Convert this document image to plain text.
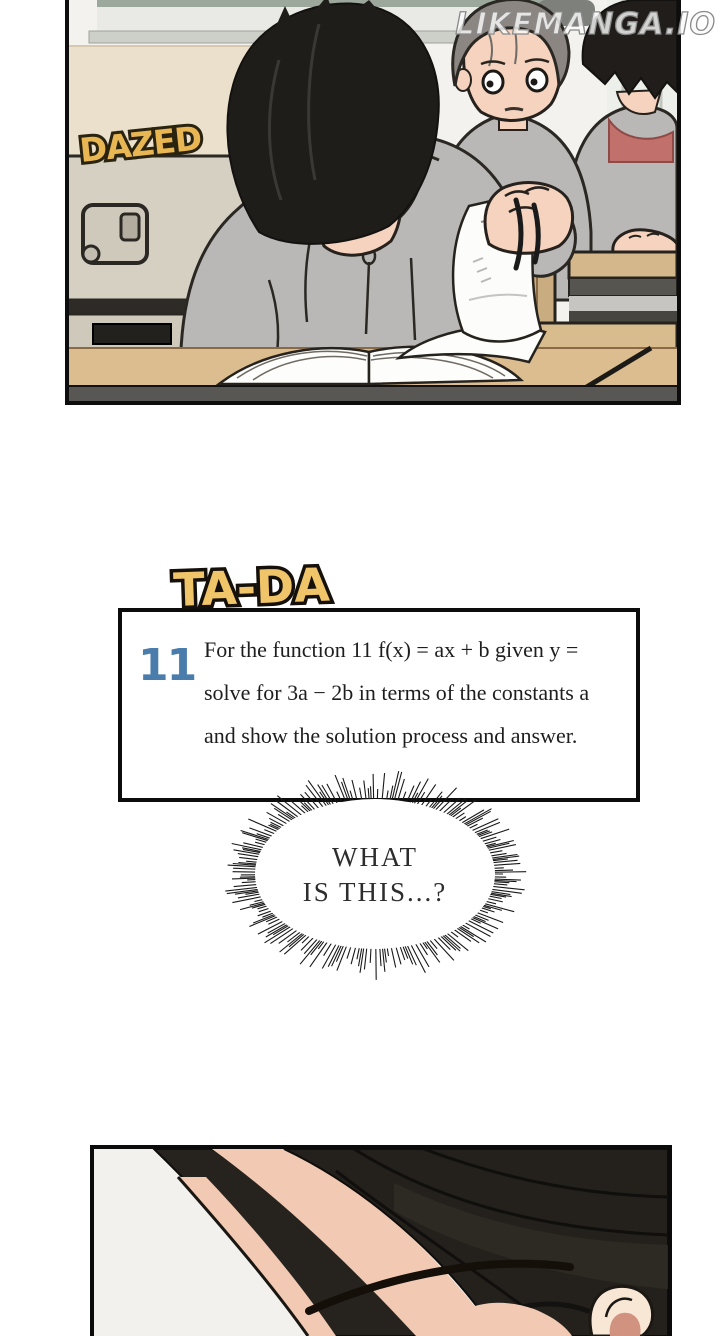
DAZED
LIKEMANGA.IO
TA-DA
11 For the function 11 f(x) = ax + b given y =
solve for 3a − 2b in terms of the constants a
and show the solution process and answer.
WHAT
IS THIS...?
